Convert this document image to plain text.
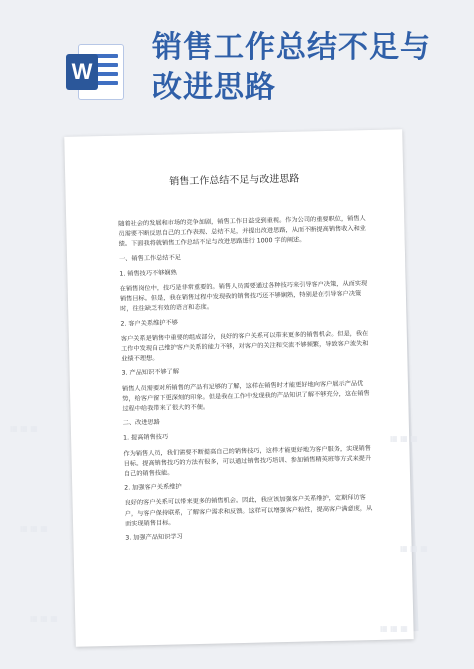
W
销售工作总结不足与改进思路
销售工作总结不足与改进思路

随着社会的发展和市场的竞争加剧，销售工作日益受到重视。作为公司的重要职位，销售人员需要不断反思自己的工作表现、总结不足，并提出改进思路，从而不断提高销售收入和业绩。下面我将就销售工作总结不足与改进思路进行 1000 字的阐述。

一、销售工作总结不足

1. 销售技巧不够娴熟

在销售岗位中，技巧是非常重要的。销售人员需要通过各种技巧来引导客户决策，从而实现销售目标。但是，我在销售过程中发现我的销售技巧还不够娴熟，特别是在引导客户决策时，往往缺乏有效的语言和态度。

2. 客户关系维护不够

客户关系是销售中重要的组成部分，良好的客户关系可以带来更多的销售机会。但是，我在工作中发现自己维护客户关系的能力不够，对客户的关注和交流不够频繁，导致客户流失和业绩不理想。

3. 产品知识不够了解

销售人员需要对所销售的产品有足够的了解，这样在销售时才能更好地向客户展示产品优势，给客户留下更深刻的印象。但是我在工作中发现我的产品知识了解不够充分，这在销售过程中给我带来了很大的不便。

二、改进思路

1. 提高销售技巧

作为销售人员，我们需要不断提高自己的销售技巧，这样才能更好地为客户服务，实现销售目标。提高销售技巧的方法有很多，可以通过销售技巧培训、参加销售精英班等方式来提升自己的销售技能。

2. 加强客户关系维护

良好的客户关系可以带来更多的销售机会。因此，我应该加强客户关系维护，定期拜访客户，与客户保持联系，了解客户需求和反馈。这样可以增强客户粘性，提高客户满意度，从而实现销售目标。

3. 加强产品知识学习

▦ ▦ ▦
▦ ▦ ▦
▦ ▦ ▦
▦ ▦ ▦
▦ ▦ ▦
▦ ▦ ▦
